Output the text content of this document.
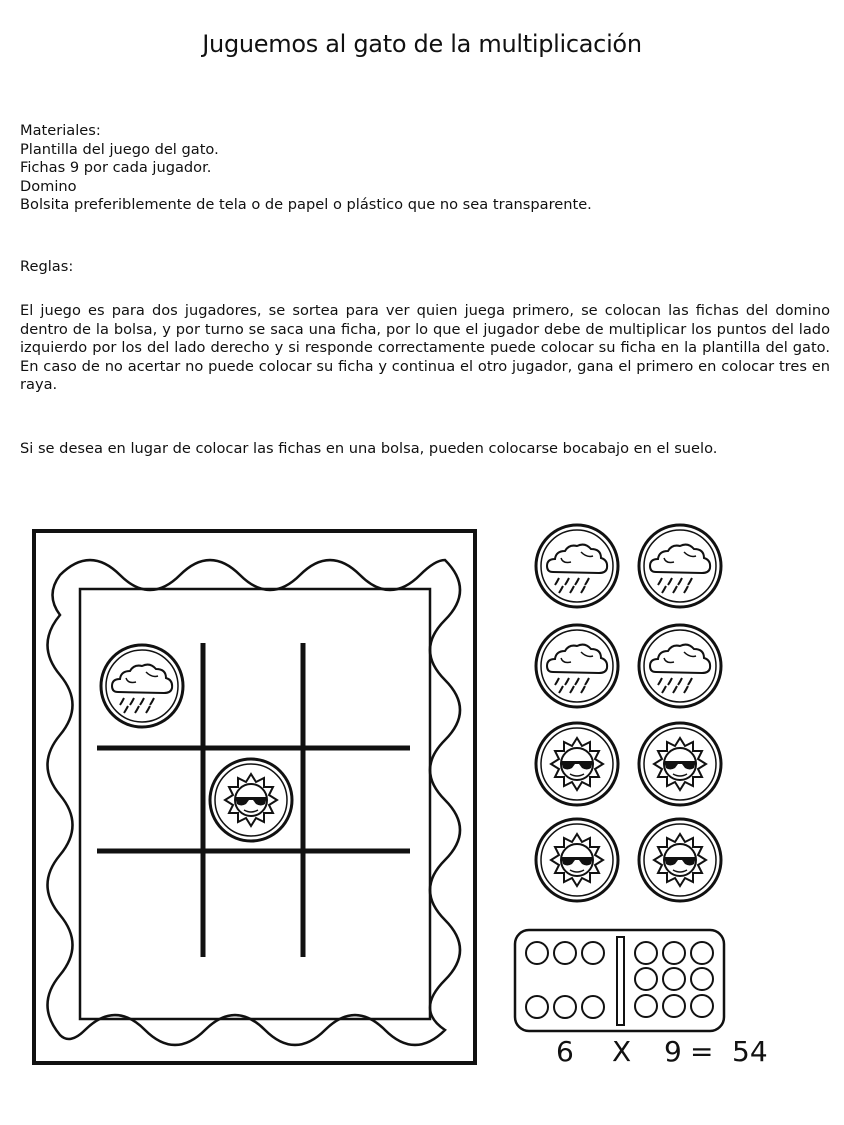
Juguemos al gato de la multiplicación

Materiales:

Plantilla del juego del gato.

Fichas 9 por cada jugador.

Domino

Bolsita preferiblemente de tela o de papel o plástico que no sea transparente.

Reglas:

El juego es para dos jugadores, se sortea para ver quien juega primero, se colocan las fichas del domino dentro de la bolsa, y por turno se saca una ficha, por lo que el jugador debe de multiplicar los puntos del lado izquierdo por los del lado derecho y si responde correctamente puede colocar su ficha en la plantilla del gato. En caso de no acertar no puede colocar su ficha y continua el otro jugador, gana el primero en colocar tres en raya.

Si se desea en lugar de colocar las fichas en una bolsa, pueden colocarse bocabajo en el suelo.

6 X 9 = 54
